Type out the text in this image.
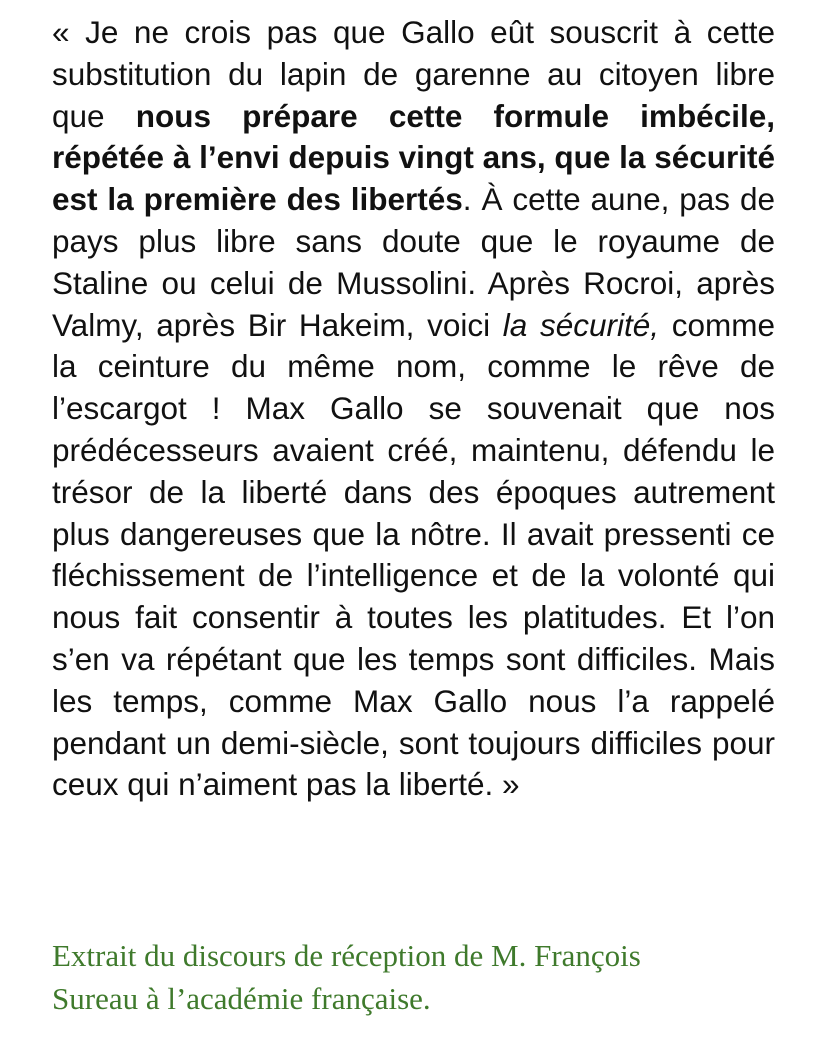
« Je ne crois pas que Gallo eût souscrit à cette substitution du lapin de garenne au citoyen libre que nous prépare cette formule imbécile, répétée à l’envi depuis vingt ans, que la sécurité est la première des libertés. À cette aune, pas de pays plus libre sans doute que le royaume de Staline ou celui de Mussolini. Après Rocroi, après Valmy, après Bir Hakeim, voici la sécurité, comme la ceinture du même nom, comme le rêve de l’escargot ! Max Gallo se souvenait que nos prédécesseurs avaient créé, maintenu, défendu le trésor de la liberté dans des époques autrement plus dangereuses que la nôtre. Il avait pressenti ce fléchissement de l’intelligence et de la volonté qui nous fait consentir à toutes les platitudes. Et l’on s’en va répétant que les temps sont difficiles. Mais les temps, comme Max Gallo nous l’a rappelé pendant un demi-siècle, sont toujours difficiles pour ceux qui n’aiment pas la liberté. »

Extrait du discours de réception de M. François
Sureau à l’académie française.
